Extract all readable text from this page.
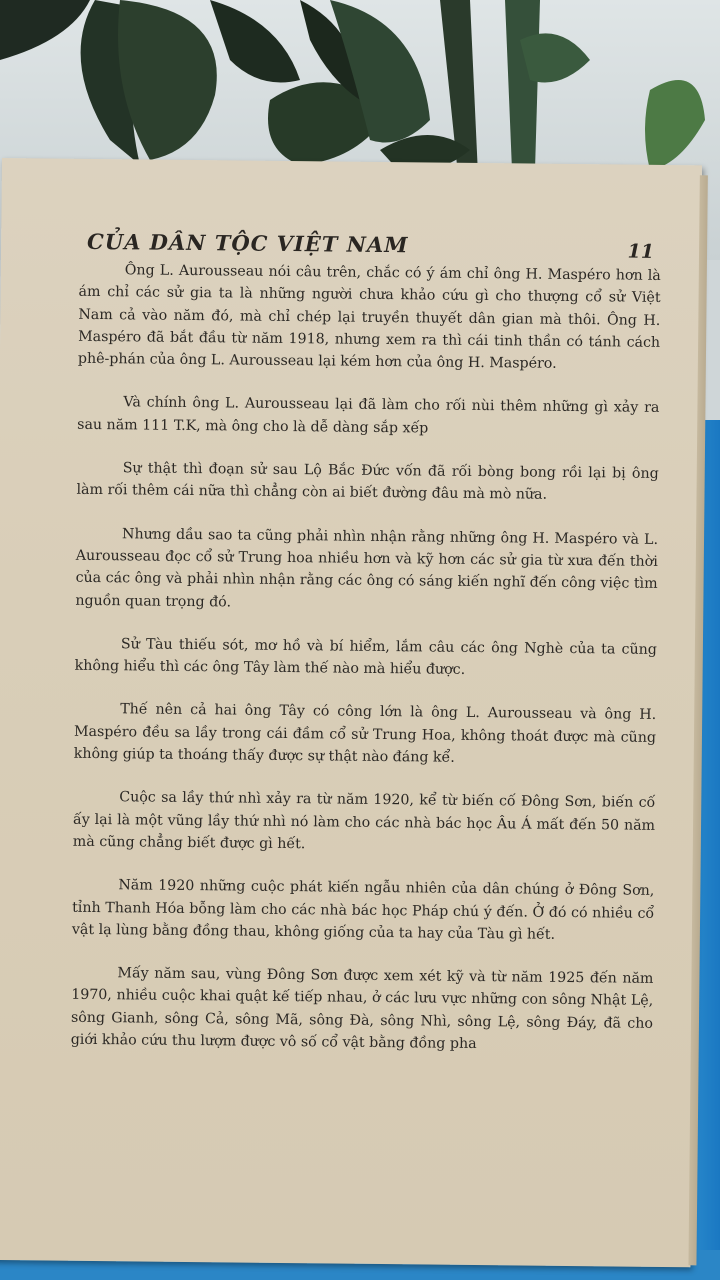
CỦA DÂN TỘC VIỆT NAM	11

Ông L. Aurousseau nói câu trên, chắc có ý ám chỉ ông H. Maspéro hơn là ám chỉ các sử gia ta là những người chưa khảo cứu gì cho thượng cổ sử Việt Nam cả vào năm đó, mà chỉ chép lại truyền thuyết dân gian mà thôi. Ông H. Maspéro đã bắt đầu từ năm 1918, nhưng xem ra thì cái tinh thần có tánh cách phê-phán của ông L. Aurousseau lại kém hơn của ông H. Maspéro.

Và chính ông L. Aurousseau lại đã làm cho rối nùi thêm những gì xảy ra sau năm 111 T.K, mà ông cho là dễ dàng sắp xếp

Sự thật thì đoạn sử sau Lộ Bắc Đức vốn đã rối bòng bong rồi lại bị ông làm rối thêm cái nữa thì chẳng còn ai biết đường đâu mà mò nữa.

Nhưng dầu sao ta cũng phải nhìn nhận rằng những ông H. Maspéro và L. Aurousseau đọc cổ sử Trung hoa nhiều hơn và kỹ hơn các sử gia từ xưa đến thời của các ông và phải nhìn nhận rằng các ông có sáng kiến nghĩ đến công việc tìm nguồn quan trọng đó.

Sử Tàu thiếu sót, mơ hồ và bí hiểm, lắm câu các ông Nghè của ta cũng không hiểu thì các ông Tây làm thế nào mà hiểu được.

Thế nên cả hai ông Tây có công lớn là ông L. Aurousseau và ông H. Maspéro đều sa lầy trong cái đầm cổ sử Trung Hoa, không thoát được mà cũng không giúp ta thoáng thấy được sự thật nào đáng kể.

Cuộc sa lầy thứ nhì xảy ra từ năm 1920, kể từ biến cố Đông Sơn, biến cố ấy lại là một vũng lầy thứ nhì nó làm cho các nhà bác học Âu Á mất đến 50 năm mà cũng chẳng biết được gì hết.

Năm 1920 những cuộc phát kiến ngẫu nhiên của dân chúng ở Đông Sơn, tỉnh Thanh Hóa bỗng làm cho các nhà bác học Pháp chú ý đến. Ở đó có nhiều cổ vật lạ lùng bằng đồng thau, không giống của ta hay của Tàu gì hết.

Mấy năm sau, vùng Đông Sơn được xem xét kỹ và từ năm 1925 đến năm 1970, nhiều cuộc khai quật kế tiếp nhau, ở các lưu vực những con sông Nhật Lệ, sông Gianh, sông Cả, sông Mã, sông Đà, sông Nhì, sông Lệ, sông Đáy, đã cho giới khảo cứu thu lượm được vô số cổ vật bằng đồng pha
